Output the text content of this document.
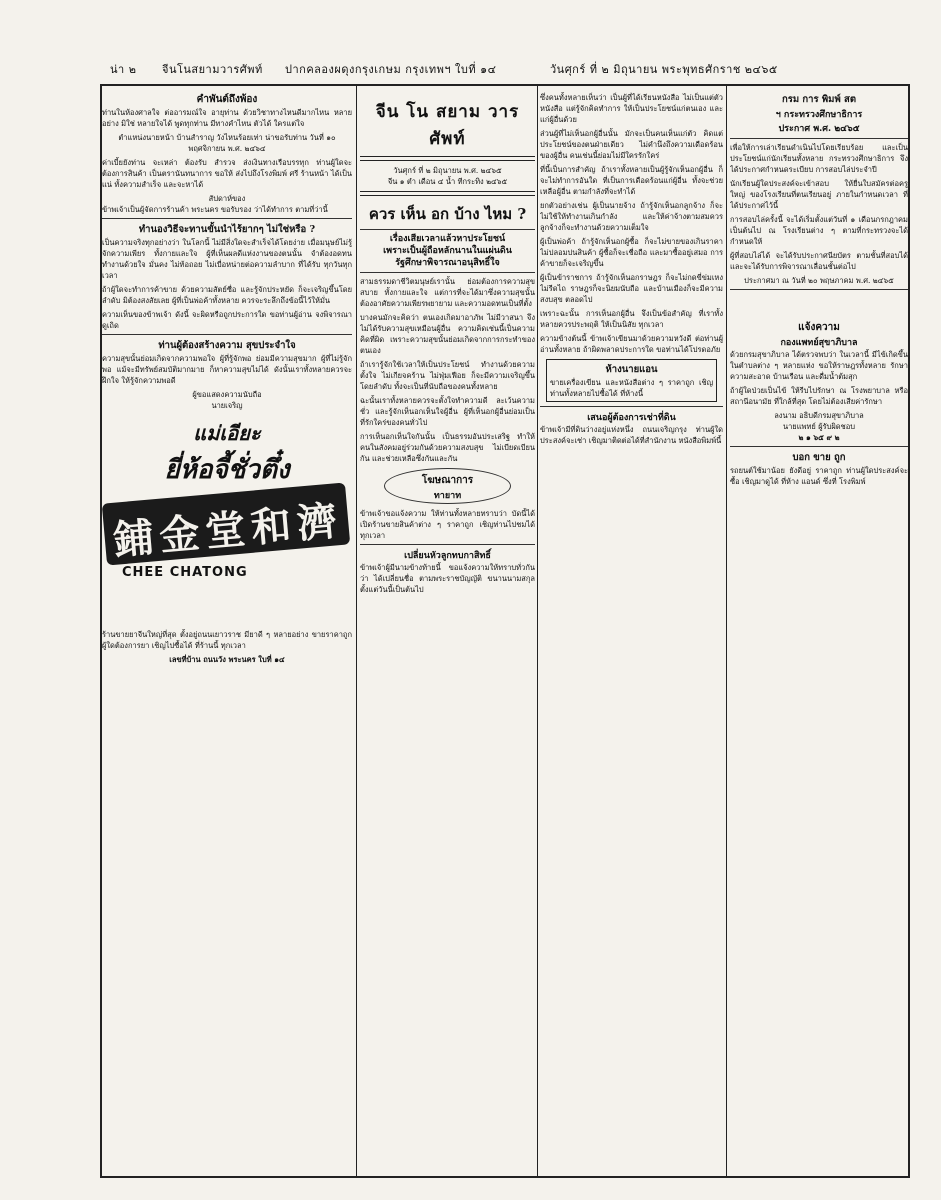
น่า ๒ จีนโนสยามวารศัพท์ ปากคลองผดุงกรุงเกษม กรุงเทพฯ ใบที่ ๑๔	วันศุกร์ ที่ ๒ มิถุนายน พระพุทธศักราช ๒๔๖๕
คำพันต์ถึงพ้อง
ท่านในห้องศาลใจ ต่ออารมณ์ใจ อายุท่าน ด้วยวิชาทางไหนดีมากไหน หลายอย่าง มิใช่ หลายใจได้ พูดทุกท่าน มีทางคำไหน ตัวได้ ใครแต่ใจ
ตำแหน่งนายหน้า บ้านสำราญ วังไหนร้อยเท่า น่าขอรับท่าน วันที่ ๑๐ พฤศจิกายน พ.ศ. ๒๔๖๔
ค่าเบี้ยยังท่าน จะเหล่า ต้องรับ สำรวจ ส่งเงินทางเรือบรรทุก ท่านผู้ใดจะต้องการสินค้า เป็นตรานันทนาการ ขอให้ ส่งไปถึงโรงพิมพ์ ศรี ร้านหน้า ได้เป็นแน่ ทั้งความสำเร็จ และจะหาได้
สัปดาห์ของ
ข้าพเจ้าเป็นผู้จัดการร้านค้า พระนคร ขอรับรอง ว่าได้ทำการ ตามที่ว่านี้
ทำนองวิธีจะทานขั้นนำไร้ยากๆ ไม่ใช่หรือ ?
เป็นความจริงทุกอย่างว่า ในโลกนี้ ไม่มีสิ่งใดจะสำเร็จได้โดยง่าย เมื่อมนุษย์ไม่รู้จักความเพียร ทั้งกายและใจ ผู้ที่เห็นผลดีแห่งงานของตนนั้น จำต้องอดทน ทำงานด้วยใจ มั่นคง ไม่ท้อถอย ไม่เบื่อหน่ายต่อความลำบาก ที่ได้รับ ทุกวันทุกเวลา
ถ้าผู้ใดจะทำการค้าขาย ด้วยความสัตย์ซื่อ และรู้จักประหยัด ก็จะเจริญขึ้นโดยลำดับ มิต้องสงสัยเลย ผู้ที่เป็นพ่อค้าทั้งหลาย ควรจะระลึกถึงข้อนี้ไว้ให้มั่น
ความเห็นของข้าพเจ้า ดังนี้ จะผิดหรือถูกประการใด ขอท่านผู้อ่าน จงพิจารณาดูเถิด
ท่านผู้ต้องสร้างความ สุขประจำใจ
ความสุขนั้นย่อมเกิดจากความพอใจ ผู้ที่รู้จักพอ ย่อมมีความสุขมาก ผู้ที่ไม่รู้จักพอ แม้จะมีทรัพย์สมบัติมากมาย ก็หาความสุขไม่ได้ ดังนั้นเราทั้งหลายควรจะฝึกใจ ให้รู้จักความพอดี
ผู้ขอแสดงความนับถือ
นายเจริญ
แม่เอียะ
ยี่ห้อจี้ชั่วตึ๋ง
鋪金堂和濟
CHEE CHATONG
ร้านขายยาจีนใหญ่ที่สุด ตั้งอยู่ถนนเยาวราช มียาดี ๆ หลายอย่าง ขายราคาถูก ผู้ใดต้องการยา เชิญไปซื้อได้ ที่ร้านนี้ ทุกเวลา
เลขที่บ้าน ถนนวัง พระนคร ใบที่ ๑๔
จีน โน สยาม วาร ศัพท์
วันศุกร์ ที่ ๒ มิถุนายน พ.ศ. ๒๔๖๕
จีน ๑ ตำ เดือน ๔ น้ำ ทีกระทิง ๒๔๖๕
ควร เห็น อก บ้าง ไหม ?
เรื่องเสียเวลาแล้วหาประโยชน์
เพราะเป็นผู้ถือหลักนานในแผ่นดิน
รัฐศึกษาพิจารณาอนุสิทธิ์ใจ
สามธรรมดาชีวิตมนุษย์เรานั้น ย่อมต้องการความสุขสบาย ทั้งกายและใจ แต่การที่จะได้มาซึ่งความสุขนั้น ต้องอาศัยความเพียรพยายาม และความอดทนเป็นที่ตั้ง
บางคนมักจะคิดว่า ตนเองเกิดมาอาภัพ ไม่มีวาสนา จึงไม่ได้รับความสุขเหมือนผู้อื่น ความคิดเช่นนี้เป็นความคิดที่ผิด เพราะความสุขนั้นย่อมเกิดจากการกระทำของตนเอง
ถ้าเรารู้จักใช้เวลาให้เป็นประโยชน์ ทำงานด้วยความตั้งใจ ไม่เกียจคร้าน ไม่ฟุ่มเฟือย ก็จะมีความเจริญขึ้นโดยลำดับ ทั้งจะเป็นที่นับถือของคนทั้งหลาย
ฉะนั้นเราทั้งหลายควรจะตั้งใจทำความดี ละเว้นความชั่ว และรู้จักเห็นอกเห็นใจผู้อื่น ผู้ที่เห็นอกผู้อื่นย่อมเป็นที่รักใคร่ของคนทั่วไป
การเห็นอกเห็นใจกันนั้น เป็นธรรมอันประเสริฐ ทำให้คนในสังคมอยู่ร่วมกันด้วยความสงบสุข ไม่เบียดเบียนกัน และช่วยเหลือซึ่งกันและกัน
โฆษณาการ
ทายาท
ข้าพเจ้าขอแจ้งความ ให้ท่านทั้งหลายทราบว่า บัดนี้ได้เปิดร้านขายสินค้าต่าง ๆ ราคาถูก เชิญท่านไปชมได้ ทุกเวลา
เปลี่ยนหัวลูกทบกาสิทธิ์
ข้าพเจ้าผู้มีนามข้างท้ายนี้ ขอแจ้งความให้ทราบทั่วกันว่า ได้เปลี่ยนชื่อ ตามพระราชบัญญัติ ขนานนามสกุล ตั้งแต่วันนี้เป็นต้นไป
ซึ่งคนทั้งหลายเห็นว่า เป็นผู้ที่ได้เรียนหนังสือ ไม่เป็นแต่ตัวหนังสือ แต่รู้จักคิดทำการ ให้เป็นประโยชน์แก่ตนเอง และแก่ผู้อื่นด้วย
ส่วนผู้ที่ไม่เห็นอกผู้อื่นนั้น มักจะเป็นคนเห็นแก่ตัว คิดแต่ประโยชน์ของตนฝ่ายเดียว ไม่คำนึงถึงความเดือดร้อนของผู้อื่น คนเช่นนี้ย่อมไม่มีใครรักใคร่
ที่นี้เป็นการสำคัญ ถ้าเราทั้งหลายเป็นผู้รู้จักเห็นอกผู้อื่น ก็จะไม่ทำการอันใด ที่เป็นการเดือดร้อนแก่ผู้อื่น ทั้งจะช่วยเหลือผู้อื่น ตามกำลังที่จะทำได้
ยกตัวอย่างเช่น ผู้เป็นนายจ้าง ถ้ารู้จักเห็นอกลูกจ้าง ก็จะไม่ใช้ให้ทำงานเกินกำลัง และให้ค่าจ้างตามสมควร ลูกจ้างก็จะทำงานด้วยความเต็มใจ
ผู้เป็นพ่อค้า ถ้ารู้จักเห็นอกผู้ซื้อ ก็จะไม่ขายของเกินราคา ไม่ปลอมปนสินค้า ผู้ซื้อก็จะเชื่อถือ และมาซื้ออยู่เสมอ การค้าขายก็จะเจริญขึ้น
ผู้เป็นข้าราชการ ถ้ารู้จักเห็นอกราษฎร ก็จะไม่กดขี่ข่มเหง ไม่รีดไถ ราษฎรก็จะนิยมนับถือ และบ้านเมืองก็จะมีความสงบสุข ตลอดไป
เพราะฉะนั้น การเห็นอกผู้อื่น จึงเป็นข้อสำคัญ ที่เราทั้งหลายควรประพฤติ ให้เป็นนิสัย ทุกเวลา
ความข้างต้นนี้ ข้าพเจ้าเขียนมาด้วยความหวังดี ต่อท่านผู้อ่านทั้งหลาย ถ้าผิดพลาดประการใด ขอท่านได้โปรดอภัย
ห้างนายแอน
ขายเครื่องเขียน และหนังสือต่าง ๆ ราคาถูก เชิญท่านทั้งหลายไปซื้อได้ ที่ห้างนี้
เสนอผู้ต้องการเช่าที่ดิน
ข้าพเจ้ามีที่ดินว่างอยู่แห่งหนึ่ง ถนนเจริญกรุง ท่านผู้ใดประสงค์จะเช่า เชิญมาติดต่อได้ที่สำนักงาน หนังสือพิมพ์นี้
กรม การ พิมพ์ สต
ฯ กระทรวงศึกษาธิการ
ประกาศ พ.ศ. ๒๔๖๕
เพื่อให้การเล่าเรียนดำเนินไปโดยเรียบร้อย และเป็นประโยชน์แก่นักเรียนทั้งหลาย กระทรวงศึกษาธิการ จึงได้ประกาศกำหนดระเบียบ การสอบไล่ประจำปี
นักเรียนผู้ใดประสงค์จะเข้าสอบ ให้ยื่นใบสมัครต่อครูใหญ่ ของโรงเรียนที่ตนเรียนอยู่ ภายในกำหนดเวลา ที่ได้ประกาศไว้นี้
การสอบไล่ครั้งนี้ จะได้เริ่มตั้งแต่วันที่ ๑ เดือนกรกฎาคม เป็นต้นไป ณ โรงเรียนต่าง ๆ ตามที่กระทรวงจะได้กำหนดให้
ผู้ที่สอบไล่ได้ จะได้รับประกาศนียบัตร ตามชั้นที่สอบได้ และจะได้รับการพิจารณาเลื่อนชั้นต่อไป
ประกาศมา ณ วันที่ ๒๐ พฤษภาคม พ.ศ. ๒๔๖๕
แจ้งความ
กองแพทย์สุขาภิบาล
ด้วยกรมสุขาภิบาล ได้ตรวจพบว่า ในเวลานี้ มีไข้เกิดขึ้นในตำบลต่าง ๆ หลายแห่ง ขอให้ราษฎรทั้งหลาย รักษาความสะอาด บ้านเรือน และดื่มน้ำต้มสุก
ถ้าผู้ใดป่วยเป็นไข้ ให้รีบไปรักษา ณ โรงพยาบาล หรือสถานีอนามัย ที่ใกล้ที่สุด โดยไม่ต้องเสียค่ารักษา
ลงนาม อธิบดีกรมสุขาภิบาล
นายแพทย์ ผู้รับผิดชอบ
๒ ๑ ๖๕ ๙ ๒
บอก ขาย ถูก
รถยนต์ใช้มาน้อย ยังดีอยู่ ราคาถูก ท่านผู้ใดประสงค์จะซื้อ เชิญมาดูได้ ที่ห้าง แอนด์ ซึ่งที่ โรงพิมพ์
